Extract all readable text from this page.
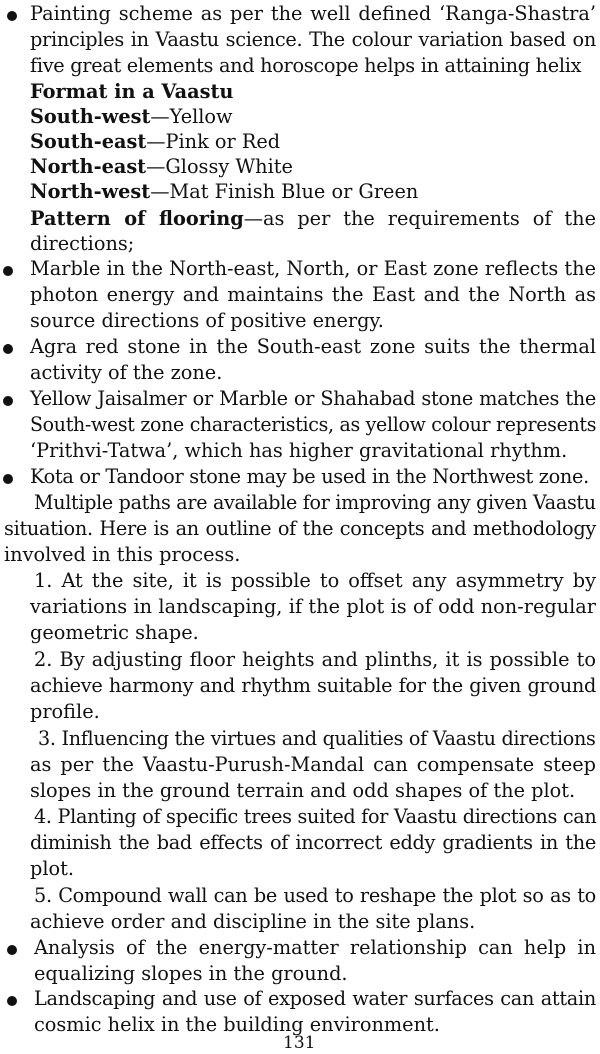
Painting scheme as per the well defined ‘Ranga-Shastra’
principles in Vaastu science. The colour variation based on
five great elements and horoscope helps in attaining helix
Format in a Vaastu
South-west—Yellow
South-east—Pink or Red
North-east—Glossy White
North-west—Mat Finish Blue or Green
Pattern of flooring—as per the requirements of the
directions;
Marble in the North-east, North, or East zone reflects the
photon energy and maintains the East and the North as
source directions of positive energy.
Agra red stone in the South-east zone suits the thermal
activity of the zone.
Yellow Jaisalmer or Marble or Shahabad stone matches the
South-west zone characteristics, as yellow colour represents
‘Prithvi-Tatwa’, which has higher gravitational rhythm.
Kota or Tandoor stone may be used in the Northwest zone.
Multiple paths are available for improving any given Vaastu
situation. Here is an outline of the concepts and methodology
involved in this process.
1. At the site, it is possible to offset any asymmetry by
variations in landscaping, if the plot is of odd non-regular
geometric shape.
2. By adjusting floor heights and plinths, it is possible to
achieve harmony and rhythm suitable for the given ground
profile.
3. Influencing the virtues and qualities of Vaastu directions
as per the Vaastu-Purush-Mandal can compensate steep
slopes in the ground terrain and odd shapes of the plot.
4. Planting of specific trees suited for Vaastu directions can
diminish the bad effects of incorrect eddy gradients in the
plot.
5. Compound wall can be used to reshape the plot so as to
achieve order and discipline in the site plans.
Analysis of the energy-matter relationship can help in
equalizing slopes in the ground.
Landscaping and use of exposed water surfaces can attain
cosmic helix in the building environment.
131
